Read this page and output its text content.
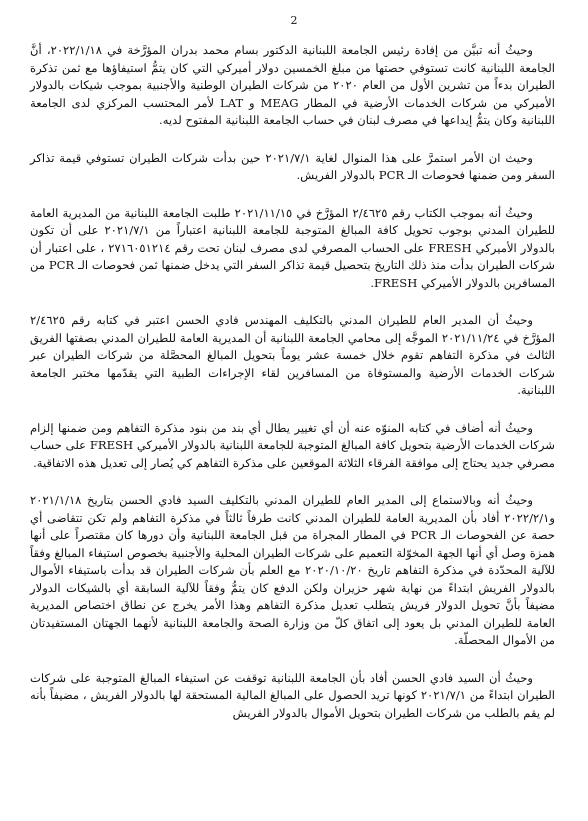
2

وحيثُ أنه تبيَّن من إفادة رئيس الجامعة اللبنانية الدكتور بسام محمد بدران المؤرَّخة في ٢٠٢٢/١/١٨، أنَّ الجامعة اللبنانية كانت تستوفي حصتها من مبلغ الخمسين دولار أميركي التي كان يتمُّ استيفاؤها مع ثمن تذكرة الطيران بدءاً من تشرين الأول من العام ٢٠٢٠ من شركات الطيران الوطنية والأجنبية بموجب شيكات بالدولار الأميركي من شركات الخدمات الأرضية في المطار MEAG و LAT لأمر المحتسب المركزي لدى الجامعة اللبنانية وكان يتمُّ إيداعها في مصرف لبنان في حساب الجامعة اللبنانية المفتوح لديه.

وحيث ان الأمر استمرَّ على هذا المنوال لغاية ٢٠٢١/٧/١ حين بدأت شركات الطيران تستوفي قيمة تذاكر السفر ومن ضمنها فحوصات الـ PCR بالدولار الفريش.

وحيثُ أنه بموجب الكتاب رقم ٢/٤٦٢٥ المؤرَّخ في ٢٠٢١/١١/١٥ طلبت الجامعة اللبنانية من المديرية العامة للطيران المدني بوجوب تحويل كافة المبالغ المتوجبة للجامعة اللبنانية اعتباراً من ٢٠٢١/٧/١ على أن تكون بالدولار الأميركي FRESH على الحساب المصرفي لدى مصرف لبنان تحت رقم ٢٧١٦٠٥١٢١٤ ، على اعتبار أن شركات الطيران بدأت منذ ذلك التاريخ بتحصيل قيمة تذاكر السفر التي يدخل ضمنها ثمن فحوصات الـ PCR من المسافرين بالدولار الأميركي FRESH.

وحيثُ أن المدير العام للطيران المدني بالتكليف المهندس فادي الحسن اعتبر في كتابه رقم ٢/٤٦٢٥ المؤرَّخ في ٢٠٢١/١١/٢٤ الموجَّه إلى محامي الجامعة اللبنانية أن المديرية العامة للطيران المدني بصفتها الفريق الثالث في مذكرة التفاهم تقوم خلال خمسة عشر يوماً بتحويل المبالغ المحصَّلة من شركات الطيران عبر شركات الخدمات الأرضية والمستوفاة من المسافرين لقاء الإجراءات الطبية التي يقدّمها مختبر الجامعة اللبنانية.

وحيثُ أنه أضاف في كتابه المنوّه عنه أن أي تغيير يطال أي بند من بنود مذكرة التفاهم ومن ضمنها إلزام شركات الخدمات الأرضية بتحويل كافة المبالغ المتوجبة للجامعة اللبنانية بالدولار الأميركي FRESH على حساب مصرفي جديد يحتاج إلى موافقة الفرقاء الثلاثة الموقعين على مذكرة التفاهم كي يُصار إلى تعديل هذه الاتفاقية.

وحيثُ أنه وبالاستماع إلى المدير العام للطيران المدني بالتكليف السيد فادي الحسن بتاريخ ٢٠٢١/١/١٨ و٢٠٢٢/٢/١ أفاد بأن المديرية العامة للطيران المدني كانت طرفاً ثالثاً في مذكرة التفاهم ولم تكن تتقاضى أي حصة عن الفحوصات الـ PCR في المطار المجراة من قبل الجامعة اللبنانية وأن دورها كان مقتصراً على أنها همزة وصل أي أنها الجهة المخوّلة التعميم على شركات الطيران المحلية والأجنبية بخصوص استيفاء المبالغ وفقاً للآلية المحدّدة في مذكرة التفاهم تاريخ ٢٠٢٠/١٠/٢٠ مع العلم بأن شركات الطيران قد بدأت باستيفاء الأموال بالدولار الفريش ابتداءً من نهاية شهر حزيران ولكن الدفع كان يتمُّ وفقاً للآلية السابقة أي بالشيكات الدولار مضيفاً بأنَّ تحويل الدولار فريش يتطلب تعديل مذكرة التفاهم وهذا الأمر يخرج عن نطاق اختصاص المديرية العامة للطيران المدني بل يعود إلى اتفاق كلّ من وزارة الصحة والجامعة اللبنانية لأنهما الجهتان المستفيدتان من الأموال المحصلّة.

وحيثُ أن السيد فادي الحسن أفاد بأن الجامعة اللبنانية توقفت عن استيفاء المبالغ المتوجبة على شركات الطيران ابتداءً من ٢٠٢١/٧/١ كونها تريد الحصول على المبالغ المالية المستحقة لها بالدولار الفريش ، مضيفاً بأنه لم يقم بالطلب من شركات الطيران بتحويل الأموال بالدولار الفريش
